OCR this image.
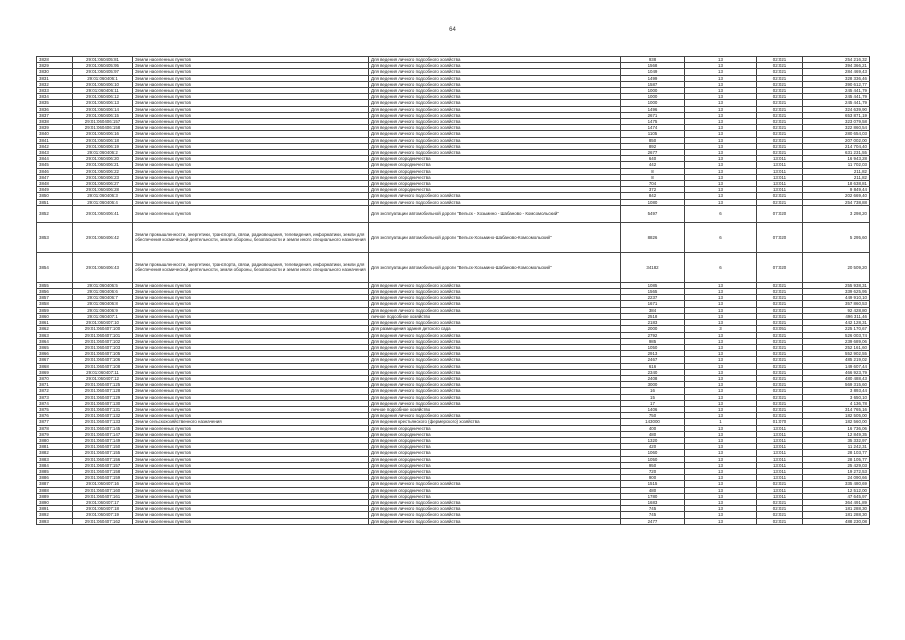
64
3828	29:01:060405:81	Земли населенных пунктов	Для ведения личного подсобного хозяйства	938	13	02:021	254 216,32
3829	29:01:060405:95	Земли населенных пунктов	Для ведения личного подсобного хозяйства	1568	13	02:021	394 366,21
3830	29:01:060405:97	Земли населенных пунктов	Для ведения личного подсобного хозяйства	1049	13	02:021	284 469,43
3831	29:01:060406:1	Земли населенных пунктов	Для ведения личного подсобного хозяйства	1499	13	02:021	328 336,46
3832	29:01:060406:10	Земли населенных пунктов	Для ведения личного подсобного хозяйства	1587	13	02:021	390 612,77
3833	29:01:060406:11	Земли населенных пунктов	Для ведения личного подсобного хозяйства	1000	13	02:021	245 441,79
3834	29:01:060406:12	Земли населенных пунктов	Для ведения личного подсобного хозяйства	1000	13	02:021	245 441,79
3835	29:01:060406:13	Земли населенных пунктов	Для ведения личного подсобного хозяйства	1000	13	02:021	245 441,79
3836	29:01:060406:14	Земли населенных пунктов	Для ведения личного подсобного хозяйства	1496	13	02:021	324 639,90
3837	29:01:060406:15	Земли населенных пунктов	Для ведения личного подсобного хозяйства	2671	13	02:021	653 871,19
3838	29:01:060406:157	Земли населенных пунктов	Для ведения личного подсобного хозяйства	1475	13	02:021	323 079,58
3839	29:01:060406:158	Земли населенных пунктов	Для ведения личного подсобного хозяйства	1474	13	02:021	322 860,54
3840	29:01:060406:16	Земли населенных пунктов	Для ведения личного подсобного хозяйства	1105	13	02:021	280 654,03
3841	29:01:060406:18	Земли населенных пунктов	Для ведения личного подсобного хозяйства	850	13	02:021	207 002,00
3842	29:01:060406:19	Земли населенных пунктов	Для ведения личного подсобного хозяйства	892	13	02:021	214 704,40
3843	29:01:060406:2	Земли населенных пунктов	Для ведения личного подсобного хозяйства	2677	13	02:021	631 231,55
3844	29:01:060406:20	Земли населенных пунктов	Для ведения огородничества	640	13	13:011	16 943,28
3845	29:01:060406:21	Земли населенных пунктов	Для ведения огородничества	442	13	13:011	11 702,03
3846	29:01:060406:22	Земли населенных пунктов	Для ведения огородничества	8	13	13:011	211,82
3847	29:01:060406:23	Земли населенных пунктов	Для ведения огородничества	8	13	13:011	211,82
3848	29:01:060406:27	Земли населенных пунктов	Для ведения огородничества	704	13	13:011	18 638,81
3849	29:01:060406:28	Земли населенных пунктов	Для ведения огородничества	372	13	13:011	9 849,44
3850	29:01:060406:3	Земли населенных пунктов	Для ведения личного подсобного хозяйства	842	13	02:021	202 669,40
3851	29:01:060406:4	Земли населенных пунктов	Для ведения личного подсобного хозяйства	1080	13	02:021	254 738,88
3852	29:01:060406:41	Земли населенных пунктов	Для эксплуатации автомобильной дороги "Вельск - Хозьмино - Шабаново - Комсомольский"	5497	6	07:020	3 298,20
3853	29:01:060406:42	Земли промышленности, энергетики, транспорта, связи, радиовещания, телевидения, информатики, земли для обеспечения космической деятельности, земли обороны, безопасности и земли иного специального назначения	Для эксплуатации автомобильной дороги "Вельск-Хозьмино-Шабаново-Комсомольский"	8826	6	07:020	5 295,60
3854	29:01:060406:43	Земли промышленности, энергетики, транспорта, связи, радиовещания, телевидения, информатики, земли для обеспечения космической деятельности, земли обороны, безопасности и земли иного специального назначения	Для эксплуатации автомобильной дороги "Вельск-Хозьмино-Шабаново-Комсомольский"	34182	6	07:020	20 509,20
3855	29:01:060406:5	Земли населенных пунктов	Для ведения личного подсобного хозяйства	1085	13	02:021	255 938,31
3856	29:01:060406:6	Земли населенных пунктов	Для ведения личного подсобного хозяйства	1565	13	02:021	339 625,95
3857	29:01:060406:7	Земли населенных пунктов	Для ведения личного подсобного хозяйства	2237	13	02:021	449 910,10
3858	29:01:060406:8	Земли населенных пунктов	Для ведения личного подсобного хозяйства	1671	13	02:021	357 860,53
3859	29:01:060406:9	Земли населенных пунктов	Для ведения личного подсобного хозяйства	384	13	02:021	92 428,80
3860	29:01:060407:1	Земли населенных пунктов	личное подсобное хозяйство	2518	13	02:021	496 311,46
3861	29:01:060407:10	Земли населенных пунктов	Для ведения личного подсобного хозяйства	2183	13	02:021	442 128,31
3862	29:01:060407:100	Земли населенных пунктов	Для размещения здания детского сада	2000	3	03:051	225 170,67
3863	29:01:060407:101	Земли населенных пунктов	Для ведения личного подсобного хозяйства	2792	13	02:021	526 003,74
3864	29:01:060407:102	Земли населенных пунктов	Для ведения личного подсобного хозяйства	985	13	02:021	239 689,06
3865	29:01:060407:103	Земли населенных пунктов	Для ведения личного подсобного хозяйства	1050	13	02:021	252 161,60
3866	29:01:060407:105	Земли населенных пунктов	Для ведения личного подсобного хозяйства	2913	13	02:021	552 902,55
3867	29:01:060407:106	Земли населенных пунктов	Для ведения личного подсобного хозяйства	2467	13	02:021	485 219,02
3868	29:01:060407:108	Земли населенных пунктов	Для ведения личного подсобного хозяйства	616	13	02:021	149 607,44
3869	29:01:060407:11	Земли населенных пунктов	Для ведения личного подсобного хозяйства	2340	13	02:021	466 923,79
3870	29:01:060407:12	Земли населенных пунктов	Для ведения личного подсобного хозяйства	2408	13	02:021	480 488,43
3871	29:01:060407:125	Земли населенных пунктов	Для ведения личного подсобного хозяйства	3000	13	02:021	569 315,60
3872	29:01:060407:128	Земли населенных пунктов	Для ведения личного подсобного хозяйства	16	13	02:021	3 893,44
3873	29:01:060407:129	Земли населенных пунктов	Для ведения личного подсобного хозяйства	15	13	02:021	3 650,10
3874	29:01:060407:130	Земли населенных пунктов	Для ведения личного подсобного хозяйства	17	13	02:021	4 136,78
3875	29:01:060407:131	Земли населенных пунктов	личное подсобное хозяйство	1406	13	02:021	314 765,16
3876	29:01:060407:132	Земли населенных пунктов	Для ведения личного подсобного хозяйства	750	13	02:021	182 505,00
3877	29:01:060407:133	Земли сельскохозяйственного назначения	Для ведения крестьянского (фермерского) хозяйства	143000	1	01:070	182 560,00
3878	29:01:060407:145	Земли населенных пунктов	Для ведения огородничества	400	13	13:011	16 736,06
3879	29:01:060407:147	Земли населенных пунктов	Для ведения огородничества	480	13	13:011	12 849,35
3880	29:01:060407:149	Земли населенных пунктов	Для ведения огородничества	1320	13	13:011	35 332,97
3881	29:01:060407:150	Земли населенных пунктов	Для ведения огородничества	420	13	13:011	11 242,31
3882	29:01:060407:155	Земли населенных пунктов	Для ведения огородничества	1060	13	13:011	28 103,77
3883	29:01:060407:156	Земли населенных пунктов	Для ведения огородничества	1050	13	13:011	28 105,77
3884	29:01:060407:157	Земли населенных пунктов	Для ведения огородничества	950	13	13:011	25 429,03
3885	29:01:060407:158	Земли населенных пунктов	Для ведения огородничества	720	13	13:011	19 272,53
3886	29:01:060407:159	Земли населенных пунктов	Для ведения огородничества	900	13	13:011	24 090,66
3887	29:01:060407:16	Земли населенных пунктов	Для ведения личного подсобного хозяйства	1515	13	02:021	335 480,69
3888	29:01:060407:160	Земли населенных пунктов	Для ведения огородничества	480	13	13:011	12 512,00
3889	29:01:060407:161	Земли населенных пунктов	Для ведения огородничества	1780	13	13:011	47 645,97
3890	29:01:060407:17	Земли населенных пунктов	Для ведения личного подсобного хозяйства	1683	13	02:021	364 491,89
3891	29:01:060407:18	Земли населенных пунктов	Для ведения личного подсобного хозяйства	745	13	02:021	181 288,30
3892	29:01:060407:19	Земли населенных пунктов	Для ведения личного подсобного хозяйства	745	13	02:021	181 288,30
3893	29:01:060407:162	Земли населенных пунктов	Для ведения личного подсобного хозяйства	2477	13	02:021	488 230,08
